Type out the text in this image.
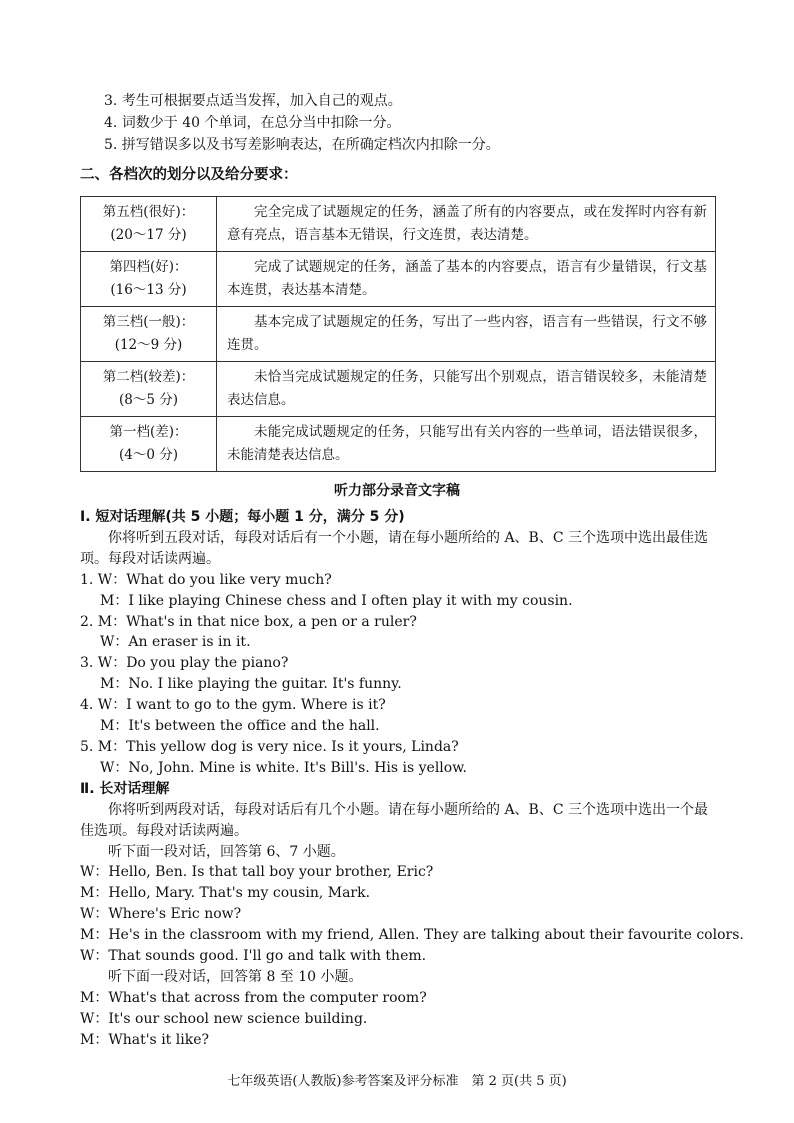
3. 考生可根据要点适当发挥，加入自己的观点。
4. 词数少于 40 个单词，在总分当中扣除一分。
5. 拼写错误多以及书写差影响表达，在所确定档次内扣除一分。
二、各档次的划分以及给分要求：
第五档(很好)：
(20～17 分)	完全完成了试题规定的任务，涵盖了所有的内容要点，或在发挥时内容有新意有亮点，语言基本无错误，行文连贯，表达清楚。

第四档(好)：
(16～13 分)	完成了试题规定的任务，涵盖了基本的内容要点，语言有少量错误，行文基本连贯，表达基本清楚。

第三档(一般)：
(12～9 分)	基本完成了试题规定的任务，写出了一些内容，语言有一些错误，行文不够连贯。

第二档(较差)：
(8～5 分)	未恰当完成试题规定的任务，只能写出个别观点，语言错误较多，未能清楚表达信息。

第一档(差)：
(4～0 分)	未能完成试题规定的任务，只能写出有关内容的一些单词，语法错误很多，未能清楚表达信息。
听力部分录音文字稿
Ⅰ. 短对话理解(共 5 小题；每小题 1 分，满分 5 分)
你将听到五段对话，每段对话后有一个小题，请在每小题所给的 A、B、C 三个选项中选出最佳选项。每段对话读两遍。
1. W：What do you like very much?
M：I like playing Chinese chess and I often play it with my cousin.
2. M：What's in that nice box, a pen or a ruler?
W：An eraser is in it.
3. W：Do you play the piano?
M：No. I like playing the guitar. It's funny.
4. W：I want to go to the gym. Where is it?
M：It's between the office and the hall.
5. M：This yellow dog is very nice. Is it yours, Linda?
W：No, John. Mine is white. It's Bill's. His is yellow.
Ⅱ. 长对话理解
你将听到两段对话，每段对话后有几个小题。请在每小题所给的 A、B、C 三个选项中选出一个最佳选项。每段对话读两遍。
听下面一段对话，回答第 6、7 小题。
W：Hello, Ben. Is that tall boy your brother, Eric?
M：Hello, Mary. That's my cousin, Mark.
W：Where's Eric now?
M：He's in the classroom with my friend, Allen. They are talking about their favourite colors.
W：That sounds good. I'll go and talk with them.
听下面一段对话，回答第 8 至 10 小题。
M：What's that across from the computer room?
W：It's our school new science building.
M：What's it like?
七年级英语(人教版)参考答案及评分标准　第 2 页(共 5 页)
